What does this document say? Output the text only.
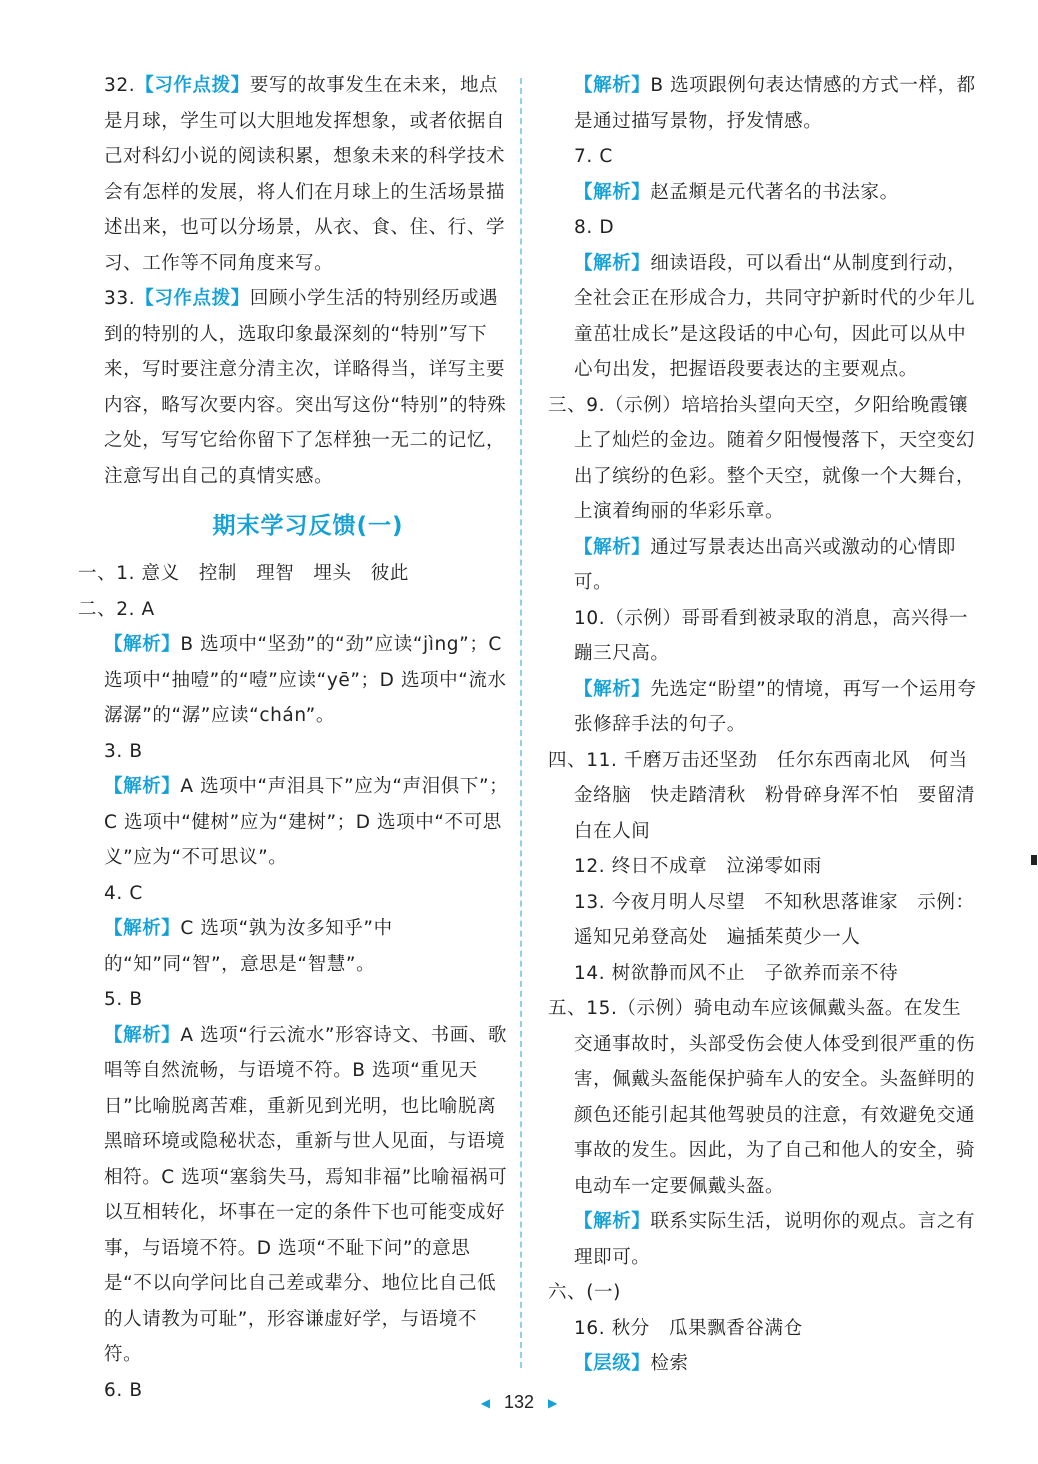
32.【习作点拨】要写的故事发生在未来，地点是月球，学生可以大胆地发挥想象，或者依据自己对科幻小说的阅读积累，想象未来的科学技术会有怎样的发展，将人们在月球上的生活场景描述出来，也可以分场景，从衣、食、住、行、学习、工作等不同角度来写。

33.【习作点拨】回顾小学生活的特别经历或遇到的特别的人，选取印象最深刻的“特别”写下来，写时要注意分清主次，详略得当，详写主要内容，略写次要内容。突出写这份“特别”的特殊之处，写写它给你留下了怎样独一无二的记忆，注意写出自己的真情实感。

期末学习反馈(一)

一、1. 意义　控制　理智　埋头　彼此

二、2. A

【解析】B 选项中“坚劲”的“劲”应读“jìng”；C 选项中“抽噎”的“噎”应读“yē”；D 选项中“流水潺潺”的“潺”应读“chán”。

3. B

【解析】A 选项中“声泪具下”应为“声泪俱下”；C 选项中“健树”应为“建树”；D 选项中“不可思义”应为“不可思议”。

4. C

【解析】C 选项“孰为汝多知乎”中的“知”同“智”，意思是“智慧”。

5. B

【解析】A 选项“行云流水”形容诗文、书画、歌唱等自然流畅，与语境不符。B 选项“重见天日”比喻脱离苦难，重新见到光明，也比喻脱离黑暗环境或隐秘状态，重新与世人见面，与语境相符。C 选项“塞翁失马，焉知非福”比喻福祸可以互相转化，坏事在一定的条件下也可能变成好事，与语境不符。D 选项“不耻下问”的意思是“不以向学问比自己差或辈分、地位比自己低的人请教为可耻”，形容谦虚好学，与语境不符。

6. B

【解析】B 选项跟例句表达情感的方式一样，都是通过描写景物，抒发情感。

7. C

【解析】赵孟頫是元代著名的书法家。

8. D

【解析】细读语段，可以看出“从制度到行动，全社会正在形成合力，共同守护新时代的少年儿童茁壮成长”是这段话的中心句，因此可以从中心句出发，把握语段要表达的主要观点。

三、9.（示例）培培抬头望向天空，夕阳给晚霞镶上了灿烂的金边。随着夕阳慢慢落下，天空变幻出了缤纷的色彩。整个天空，就像一个大舞台，上演着绚丽的华彩乐章。

【解析】通过写景表达出高兴或激动的心情即可。

10.（示例）哥哥看到被录取的消息，高兴得一蹦三尺高。

【解析】先选定“盼望”的情境，再写一个运用夸张修辞手法的句子。

四、11. 千磨万击还坚劲　任尔东西南北风　何当金络脑　快走踏清秋　粉骨碎身浑不怕　要留清白在人间

12. 终日不成章　泣涕零如雨

13. 今夜月明人尽望　不知秋思落谁家　示例：遥知兄弟登高处　遍插茱萸少一人

14. 树欲静而风不止　子欲养而亲不待

五、15.（示例）骑电动车应该佩戴头盔。在发生交通事故时，头部受伤会使人体受到很严重的伤害，佩戴头盔能保护骑车人的安全。头盔鲜明的颜色还能引起其他驾驶员的注意，有效避免交通事故的发生。因此，为了自己和他人的安全，骑电动车一定要佩戴头盔。

【解析】联系实际生活，说明你的观点。言之有理即可。

六、(一)

16. 秋分　瓜果飘香谷满仓

【层级】检索

◀ 132 ▶
